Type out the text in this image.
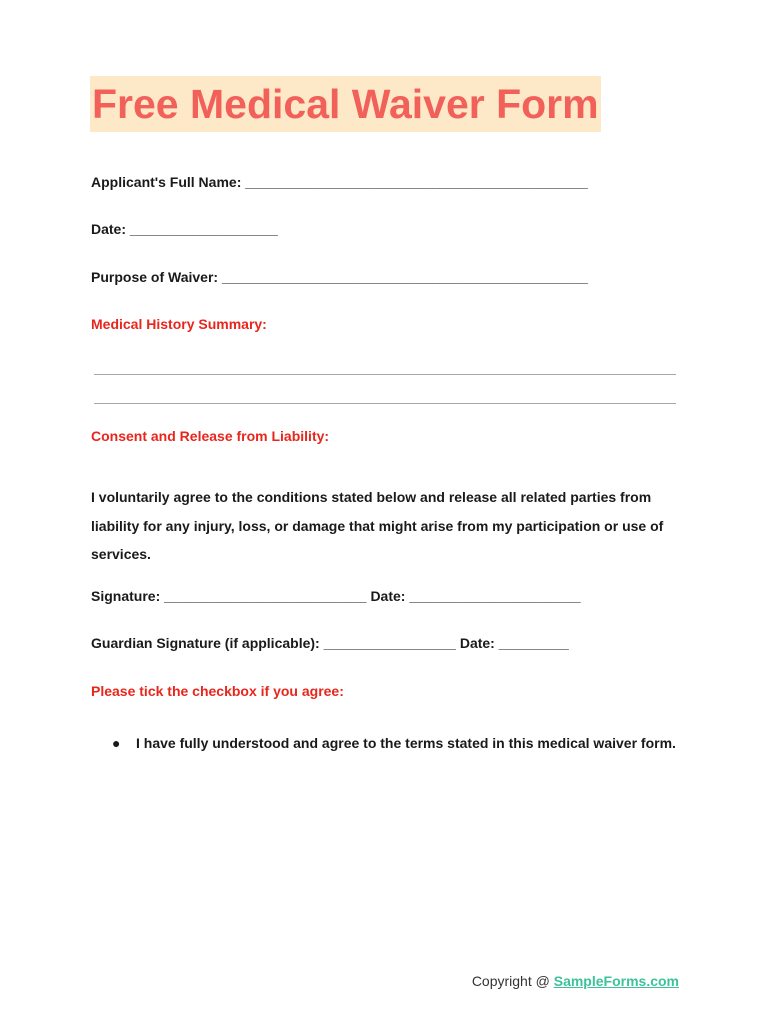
Free Medical Waiver Form
Applicant's Full Name: ____________________________________________
Date: ___________________
Purpose of Waiver: _______________________________________________
Medical History Summary:
Consent and Release from Liability:
I voluntarily agree to the conditions stated below and release all related parties from liability for any injury, loss, or damage that might arise from my participation or use of services.
Signature: __________________________ Date: ______________________
Guardian Signature (if applicable): _________________ Date: _________
Please tick the checkbox if you agree:
●	I have fully understood and agree to the terms stated in this medical waiver form.
Copyright @ SampleForms.com
